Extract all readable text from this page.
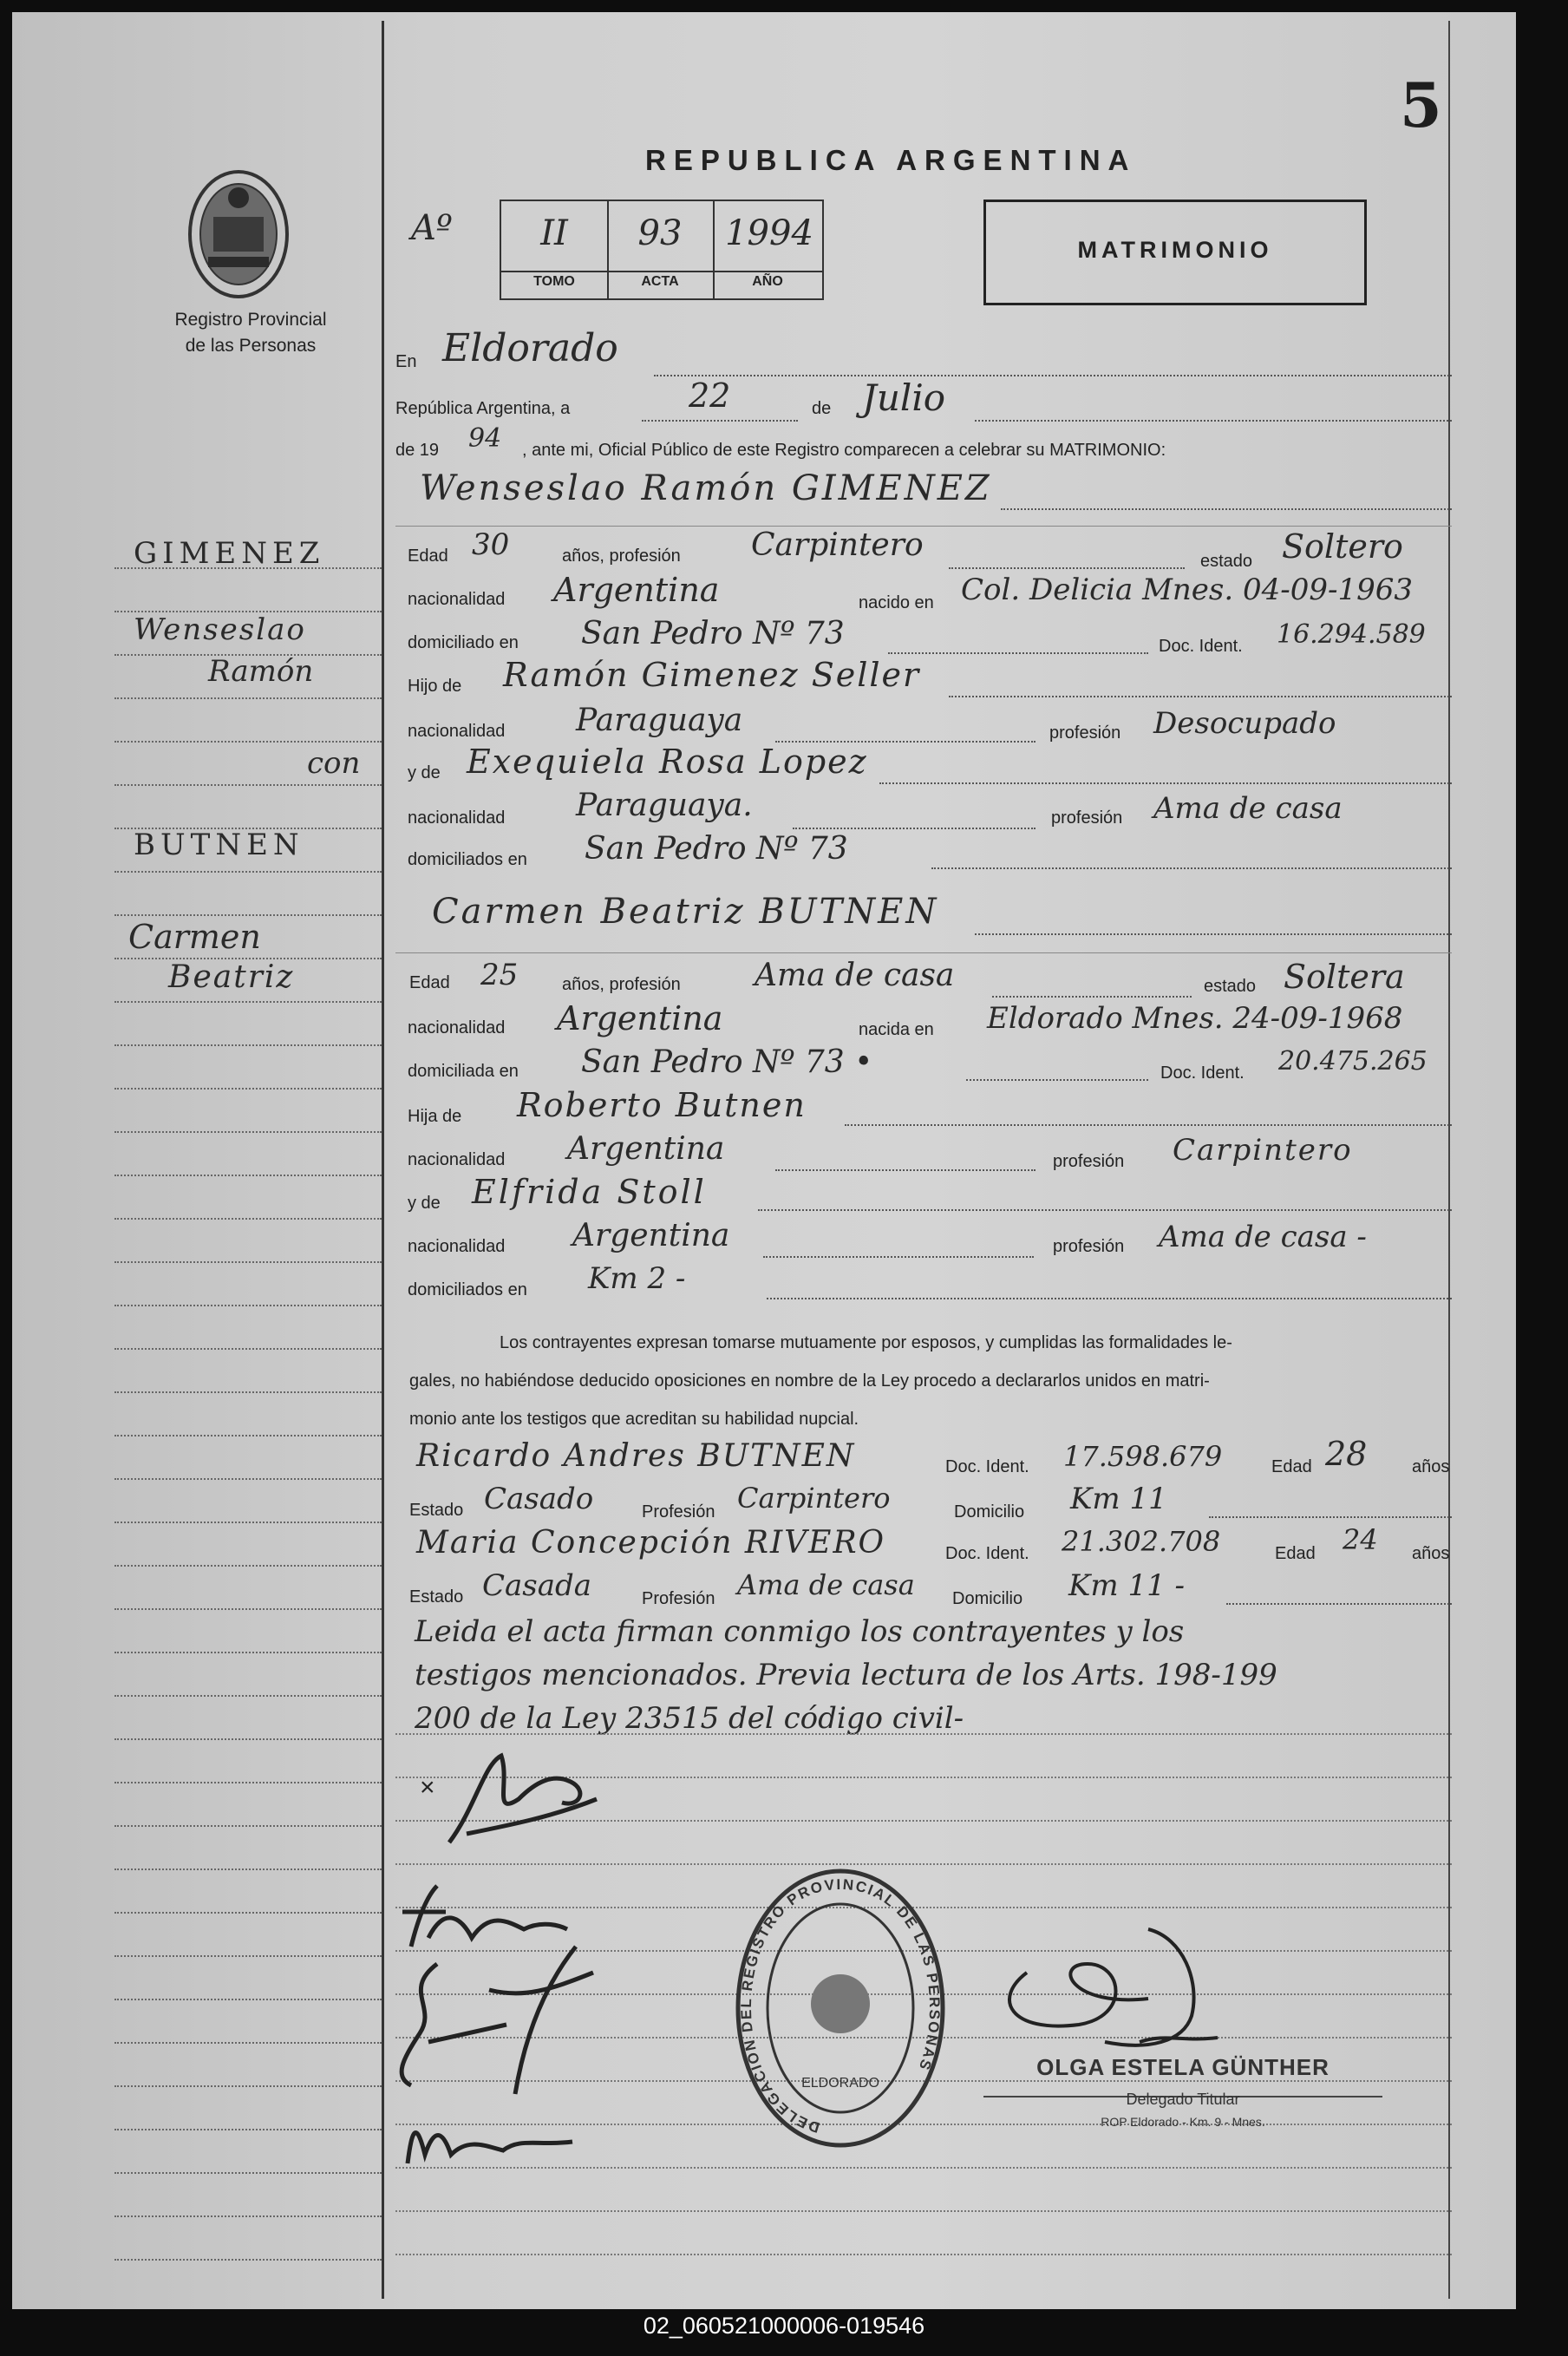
5
Registro Provincial
de las Personas
REPUBLICA ARGENTINA
Aº	II	93	1994
TOMO	ACTA	AÑO
MATRIMONIO
GIMENEZ
Wenseslao
Ramón
con
BUTNEN
Carmen
Beatriz
En Eldorado
República Argentina, a	22	de Julio
de 19 94 , ante mi, Oficial Público de este Registro comparecen a celebrar su MATRIMONIO:
Wenseslao Ramón GIMENEZ
Edad 30	años, profesión Carpintero	estado Soltero
nacionalidad Argentina	nacido en Col. Delicia Mnes. 04-09-1963
domiciliado en San Pedro Nº 73	Doc. Ident. 16.294.589
Hijo de Ramón Gimenez Seller
nacionalidad Paraguaya	profesión Desocupado
y de Exequiela Rosa Lopez
nacionalidad Paraguaya.	profesión Ama de casa
domiciliados en San Pedro Nº 73
Carmen Beatriz BUTNEN
Edad 25	años, profesión Ama de casa	estado Soltera
nacionalidad Argentina	nacida en Eldorado Mnes. 24-09-1968
domiciliada en San Pedro Nº 73 •	Doc. Ident. 20.475.265
Hija de Roberto Butnen
nacionalidad Argentina	profesión Carpintero
y de Elfrida Stoll
nacionalidad Argentina	profesión Ama de casa -
domiciliados en Km 2 -
Los contrayentes expresan tomarse mutuamente por esposos, y cumplidas las formalidades le-
gales, no habiéndose deducido oposiciones en nombre de la Ley procedo a declararlos unidos en matri-
monio ante los testigos que acreditan su habilidad nupcial.
Ricardo Andres BUTNEN	Doc. Ident. 17.598.679	Edad 28	años
Estado Casado	Profesión Carpintero	Domicilio Km 11
Maria Concepción RIVERO	Doc. Ident. 21.302.708	Edad 24 años
Estado Casada	Profesión Ama de casa Domicilio Km 11 -
Leida el acta firman conmigo los contrayentes y los
testigos mencionados. Previa lectura de los Arts. 198-199
200 de la Ley 23515 del código civil-
×
DELEGACION DEL REGISTRO PROVINCIAL DE LAS PERSONAS
ELDORADO
OLGA ESTELA GÜNTHER
Delegado Titular
ROP Eldorado - Km. 9 - Mnes.
02_060521000006-019546
